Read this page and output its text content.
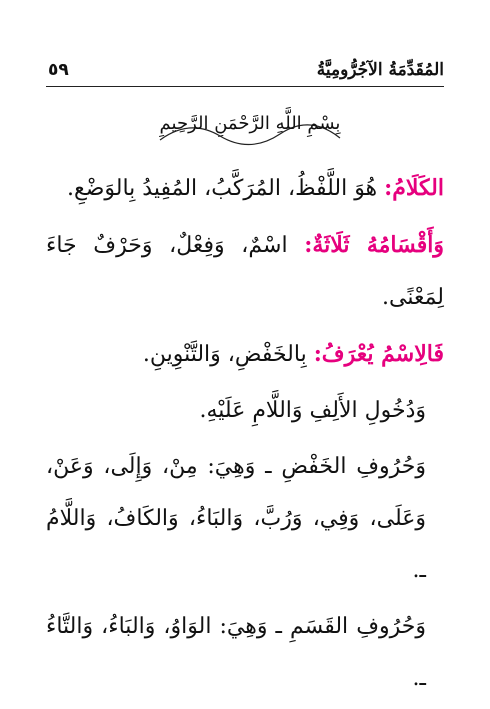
٥٩	المُقَدِّمَةُ الآجُرُّومِيَّةُ
بِسْمِ اللَّهِ الرَّحْمَنِ الرَّحِيمِ

الكَلَامُ: هُوَ اللَّفْظُ، المُرَكَّبُ، المُفِيدُ بِالوَضْعِ.

وَأَقْسَامُهُ ثَلَاثَةٌ: اسْمٌ، وَفِعْلٌ، وَحَرْفٌ جَاءَ لِمَعْنًى.

فَالِاسْمُ يُعْرَفُ: بِالخَفْضِ، وَالتَّنْوِينِ.

وَدُخُولِ الأَلِفِ وَاللَّامِ عَلَيْهِ.

وَحُرُوفِ الخَفْضِ ـ وَهِيَ: مِنْ، وَإِلَى، وَعَنْ، وَعَلَى، وَفِي، وَرُبَّ، وَالبَاءُ، وَالكَافُ، وَاللَّامُ ـ.

وَحُرُوفِ القَسَمِ ـ وَهِيَ: الوَاوُ، وَالبَاءُ، وَالتَّاءُ ـ.
